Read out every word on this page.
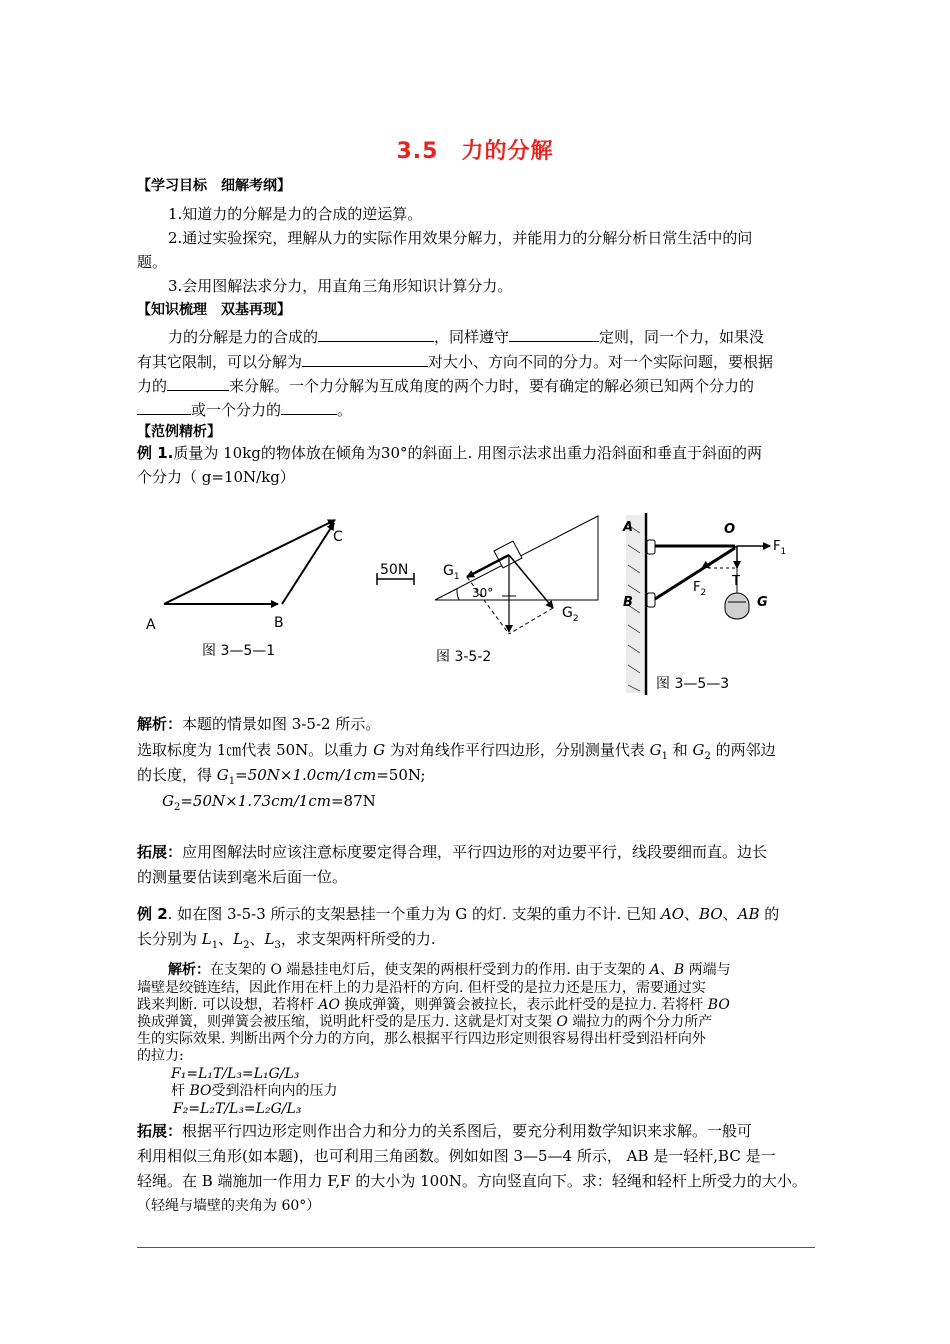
3.5　力的分解
【学习目标　细解考纲】
1.知道力的分解是力的合成的逆运算。
2.通过实验探究，理解从力的实际作用效果分解力，并能用力的分解分析日常生活中的问
题。
3.会用图解法求分力，用直角三角形知识计算分力。
【知识梳理　双基再现】
力的分解是力的合成的	，同样遵守	定则，同一个力，如果没
有其它限制，可以分解为	对大小、方向不同的分力。对一个实际问题，要根据
力的	来分解。一个力分解为互成角度的两个力时，要有确定的解必须已知两个分力的
或一个分力的	。
【范例精析】
例 1.质量为 10kg的物体放在倾角为30°的斜面上. 用图示法求出重力沿斜面和垂直于斜面的两
个分力（ g=10N/kg）
A	B
C
图 3—5—1
50N
30°
$G_1$
$G_2$
图 3-5-2
A
B
O
$F_1$
$F_2$
T
G
图 3—5—3
解析：本题的情景如图 3-5-2 所示。
选取标度为 1㎝代表 50N。以重力 G 为对角线作平行四边形，分别测量代表 $G_1$ 和 $G_2$ 的两邻边
的长度，得 $G_1=50N\times 1.0cm/1cm=50N$;
$G_2=50N\times 1.73cm/1cm=87N$
拓展：应用图解法时应该注意标度要定得合理，平行四边形的对边要平行，线段要细而直。边长
的测量要估读到毫米后面一位。
例 2. 如在图 3-5-3 所示的支架悬挂一个重力为 G 的灯. 支架的重力不计. 已知 AO、BO、AB 的
长分别为 $L_1$、$L_2$、$L_3$，求支架两杆所受的力.
解析：在支架的 O 端悬挂电灯后，使支架的两根杆受到力的作用. 由于支架的 A、B 两端与
墙壁是绞链连结，因此作用在杆上的力是沿杆的方向. 但杆受的是拉力还是压力，需要通过实
践来判断. 可以设想，若将杆 AO 换成弹簧，则弹簧会被拉长，表示此杆受的是拉力. 若将杆 BO
换成弹簧，则弹簧会被压缩，说明此杆受的是压力. 这就是灯对支架 O 端拉力的两个分力所产
生的实际效果. 判断出两个分力的方向，那么根据平行四边形定则很容易得出杆受到沿杆向外
的拉力:
F₁=L₁T/L₃=L₁G/L₃
杆 BO受到沿杆向内的压力
F₂=L₂T/L₃=L₂G/L₃
拓展：根据平行四边形定则作出合力和分力的关系图后，要充分利用数学知识来求解。一般可
利用相似三角形(如本题)，也可利用三角函数。例如如图 3—5—4 所示， AB 是一轻杆,BC 是一
轻绳。在 B 端施加一作用力 F,F 的大小为 100N。方向竖直向下。求：轻绳和轻杆上所受力的大小。
（轻绳与墙壁的夹角为 60°）
